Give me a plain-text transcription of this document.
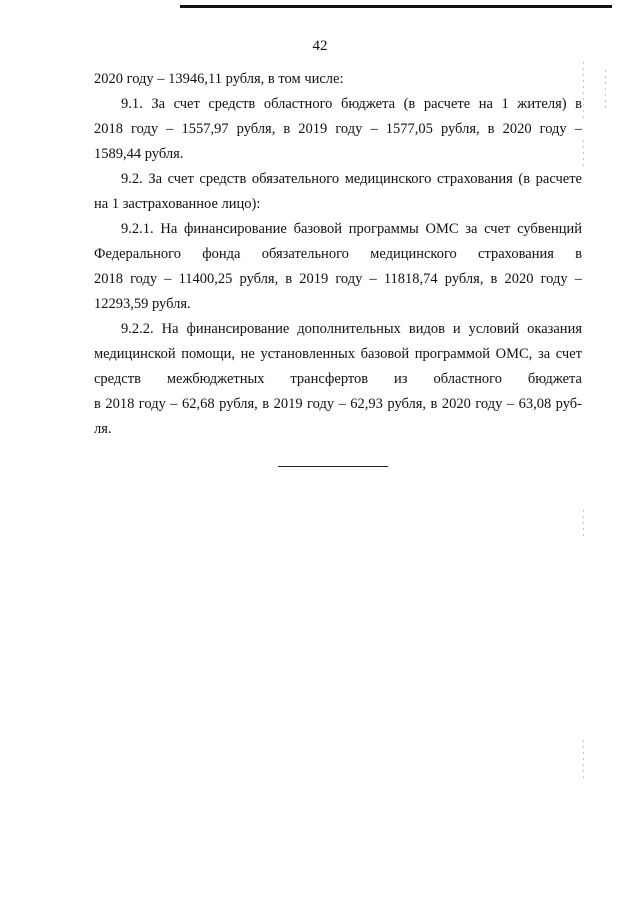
42
2020 году – 13946,11 рубля, в том числе:
9.1. За счет средств областного бюджета (в расчете на 1 жителя) в
2018 году – 1557,97 рубля, в 2019 году – 1577,05 рубля, в 2020 году –
1589,44 рубля.
9.2. За счет средств обязательного медицинского страхования (в расчете
на 1 застрахованное лицо):
9.2.1. На финансирование базовой программы ОМС за счет субвенций
Федерального фонда обязательного медицинского страхования в
2018 году – 11400,25 рубля, в 2019 году – 11818,74 рубля, в 2020 году –
12293,59 рубля.
9.2.2. На финансирование дополнительных видов и условий оказания
медицинской помощи, не установленных базовой программой ОМС, за счет
средств межбюджетных трансфертов из областного бюджета
в 2018 году – 62,68 рубля, в 2019 году – 62,93 рубля, в 2020 году – 63,08 руб-
ля.
